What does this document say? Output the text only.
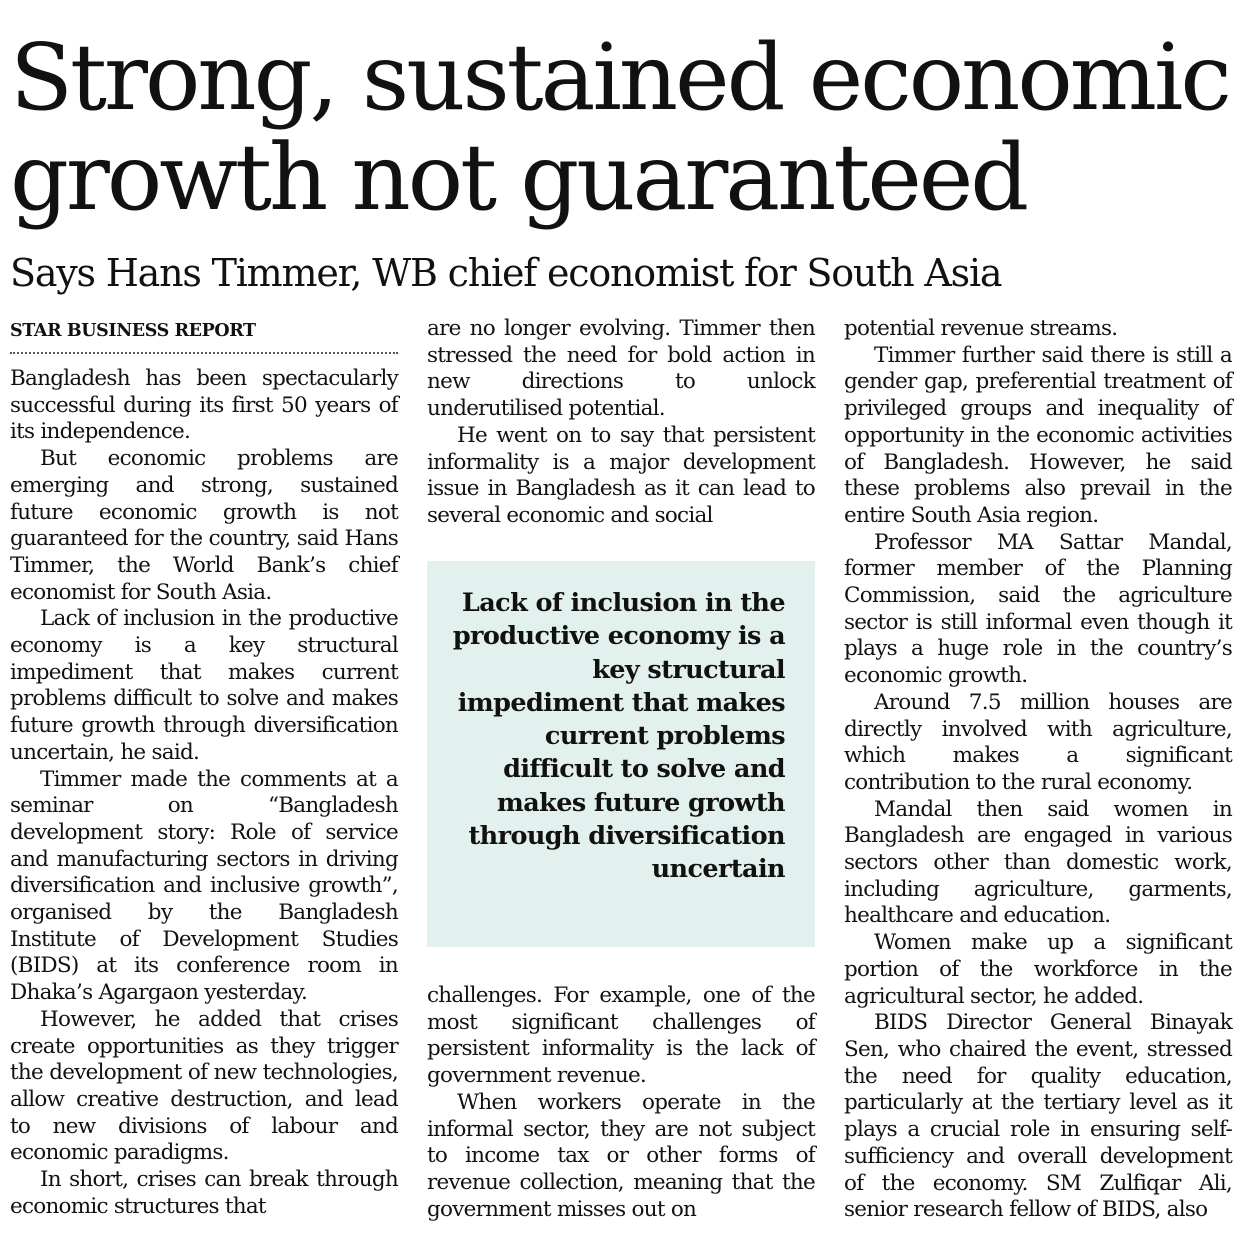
Strong, sustained economic growth not guaranteed
Says Hans Timmer, WB chief economist for South Asia
STAR BUSINESS REPORT

Bangladesh has been spectacularly successful during its first 50 years of its independence.

But economic problems are emerging and strong, sustained future economic growth is not guaranteed for the country, said Hans Timmer, the World Bank’s chief economist for South Asia.

Lack of inclusion in the productive economy is a key structural impediment that makes current problems difficult to solve and makes future growth through diversification uncertain, he said.

Timmer made the comments at a seminar on “Bangladesh development story: Role of service and manufacturing sectors in driving diversification and inclusive growth”, organised by the Bangladesh Institute of Development Studies (BIDS) at its conference room in Dhaka’s Agargaon yesterday.

However, he added that crises create opportunities as they trigger the development of new technologies, allow creative destruction, and lead to new divisions of labour and economic paradigms.

In short, crises can break through economic structures that

are no longer evolving. Timmer then stressed the need for bold action in new directions to unlock underutilised potential.

He went on to say that persistent informality is a major development issue in Bangladesh as it can lead to several economic and social

Lack of inclusion in the productive economy is a key structural impediment that makes current problems difficult to solve and makes future growth through diversification uncertain

challenges. For example, one of the most significant challenges of persistent informality is the lack of government revenue.

When workers operate in the informal sector, they are not subject to income tax or other forms of revenue collection, meaning that the government misses out on

potential revenue streams.

Timmer further said there is still a gender gap, preferential treatment of privileged groups and inequality of opportunity in the economic activities of Bangladesh. However, he said these problems also prevail in the entire South Asia region.

Professor MA Sattar Mandal, former member of the Planning Commission, said the agriculture sector is still informal even though it plays a huge role in the country’s economic growth.

Around 7.5 million houses are directly involved with agriculture, which makes a significant contribution to the rural economy.

Mandal then said women in Bangladesh are engaged in various sectors other than domestic work, including agriculture, garments, healthcare and education.

Women make up a significant portion of the workforce in the agricultural sector, he added.

BIDS Director General Binayak Sen, who chaired the event, stressed the need for quality education, particularly at the tertiary level as it plays a crucial role in ensuring self-sufficiency and overall development of the economy. SM Zulfiqar Ali, senior research fellow of BIDS, also
